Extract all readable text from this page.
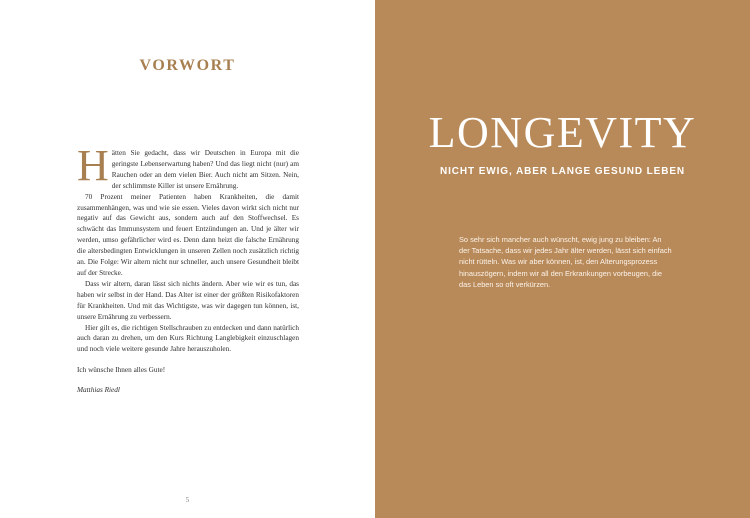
VORWORT

Hätten Sie gedacht, dass wir Deutschen in Europa mit die geringste Lebenserwartung haben? Und das liegt nicht (nur) am Rauchen oder an dem vielen Bier. Auch nicht am Sitzen. Nein, der schlimmste Killer ist unsere Ernährung.

70 Prozent meiner Patienten haben Krankheiten, die damit zusammenhängen, was und wie sie essen. Vieles davon wirkt sich nicht nur negativ auf das Gewicht aus, sondern auch auf den Stoffwechsel. Es schwächt das Immunsystem und feuert Entzündungen an. Und je älter wir werden, umso gefährlicher wird es. Denn dann heizt die falsche Ernährung die altersbedingten Entwicklungen in unseren Zellen noch zusätzlich richtig an. Die Folge: Wir altern nicht nur schneller, auch unsere Gesundheit bleibt auf der Strecke.

Dass wir altern, daran lässt sich nichts ändern. Aber wie wir es tun, das haben wir selbst in der Hand. Das Alter ist einer der größten Risikofaktoren für Krankheiten. Und mit das Wichtigste, was wir dagegen tun können, ist, unsere Ernährung zu verbessern.

Hier gilt es, die richtigen Stellschrauben zu entdecken und dann natürlich auch daran zu drehen, um den Kurs Richtung Langlebigkeit einzuschlagen und noch viele weitere gesunde Jahre herauszuholen.

Ich wünsche Ihnen alles Gute!

Matthias Riedl

5
LONGEVITY
NICHT EWIG, ABER LANGE GESUND LEBEN
So sehr sich mancher auch wünscht, ewig jung zu bleiben: An der Tatsache, dass wir jedes Jahr älter werden, lässt sich einfach nicht rütteln. Was wir aber können, ist, den Alterungsprozess hinauszögern, indem wir all den Erkrankungen vorbeugen, die das Leben so oft verkürzen.
